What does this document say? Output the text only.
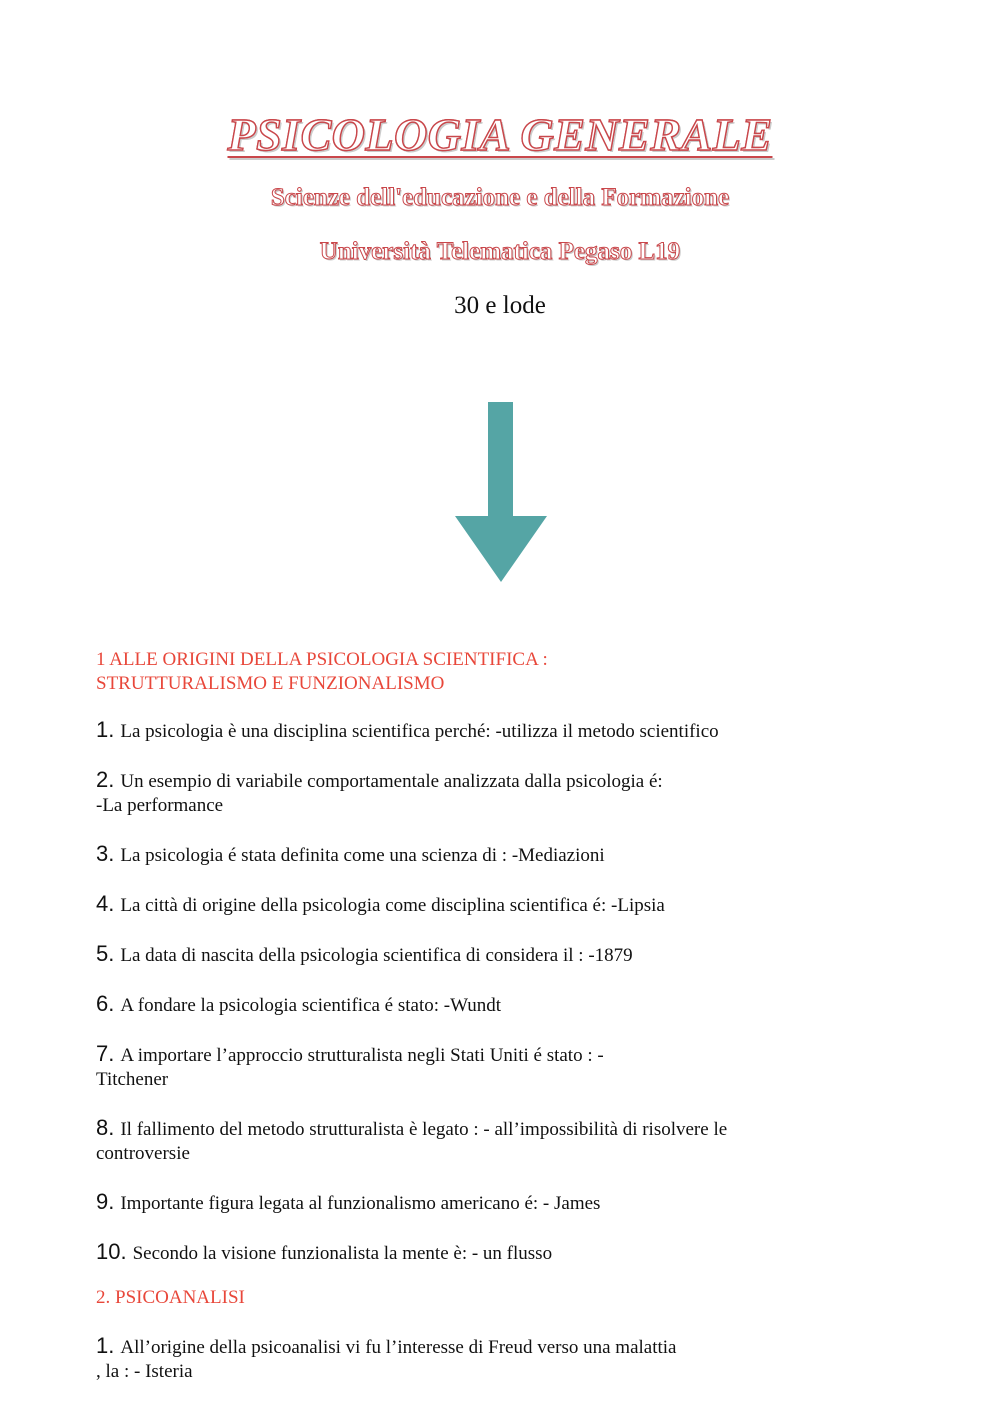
PSICOLOGIA GENERALE

Scienze dell'educazione e della Formazione

Università Telematica Pegaso L19

30 e lode

1 ALLE ORIGINI DELLA PSICOLOGIA SCIENTIFICA :
STRUTTURALISMO E FUNZIONALISMO

1. La psicologia è una disciplina scientifica perché: -utilizza il metodo scientifico

2. Un esempio di variabile comportamentale analizzata dalla psicologia é:
-La performance

3. La psicologia é stata definita come una scienza di : -Mediazioni

4. La città di origine della psicologia come disciplina scientifica é: -Lipsia

5. La data di nascita della psicologia scientifica di considera il : -1879

6. A fondare la psicologia scientifica é stato: -Wundt

7. A importare l’approccio strutturalista negli Stati Uniti é stato : -
Titchener

8. Il fallimento del metodo strutturalista è legato : - all’impossibilità di risolvere le
controversie

9. Importante figura legata al funzionalismo americano é: - James

10. Secondo la visione funzionalista la mente è: - un flusso

2. PSICOANALISI

1. All’origine della psicoanalisi vi fu l’interesse di Freud verso una malattia
, la : - Isteria
